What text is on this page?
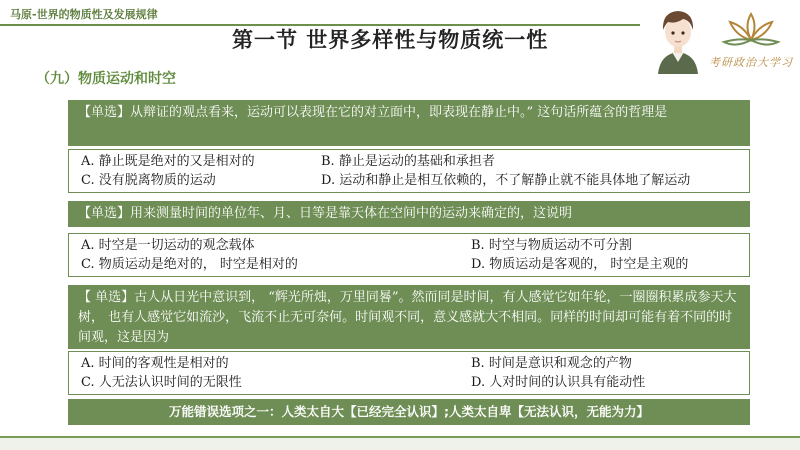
马原-世界的物质性及发展规律
第一节 世界多样性与物质统一性
考研政治大学习
（九）物质运动和时空
【单选】从辩证的观点看来，运动可以表现在它的对立面中，即表现在静止中。” 这句话所蕴含的哲理是
A. 静止既是绝对的又是相对的	B. 静止是运动的基础和承担者
C. 没有脱离物质的运动	D. 运动和静止是相互依赖的，不了解静止就不能具体地了解运动
【单选】用来测量时间的单位年、月、日等是靠天体在空间中的运动来确定的，这说明
A. 时空是一切运动的观念载体	B. 时空与物质运动不可分割
C. 物质运动是绝对的， 时空是相对的	D. 物质运动是客观的， 时空是主观的
【 单选】古人从日光中意识到， “辉光所烛，万里同晷”。然而同是时间，有人感觉它如年轮，一圈圈积累成参天大树， 也有人感觉它如流沙，飞流不止无可奈何。时间观不同，意义感就大不相同。同样的时间却可能有着不同的时间观，这是因为
A. 时间的客观性是相对的	B. 时间是意识和观念的产物
C. 人无法认识时间的无限性	D. 人对时间的认识具有能动性
万能错误选项之一：人类太自大【已经完全认识】;人类太自卑【无法认识，无能为力】
